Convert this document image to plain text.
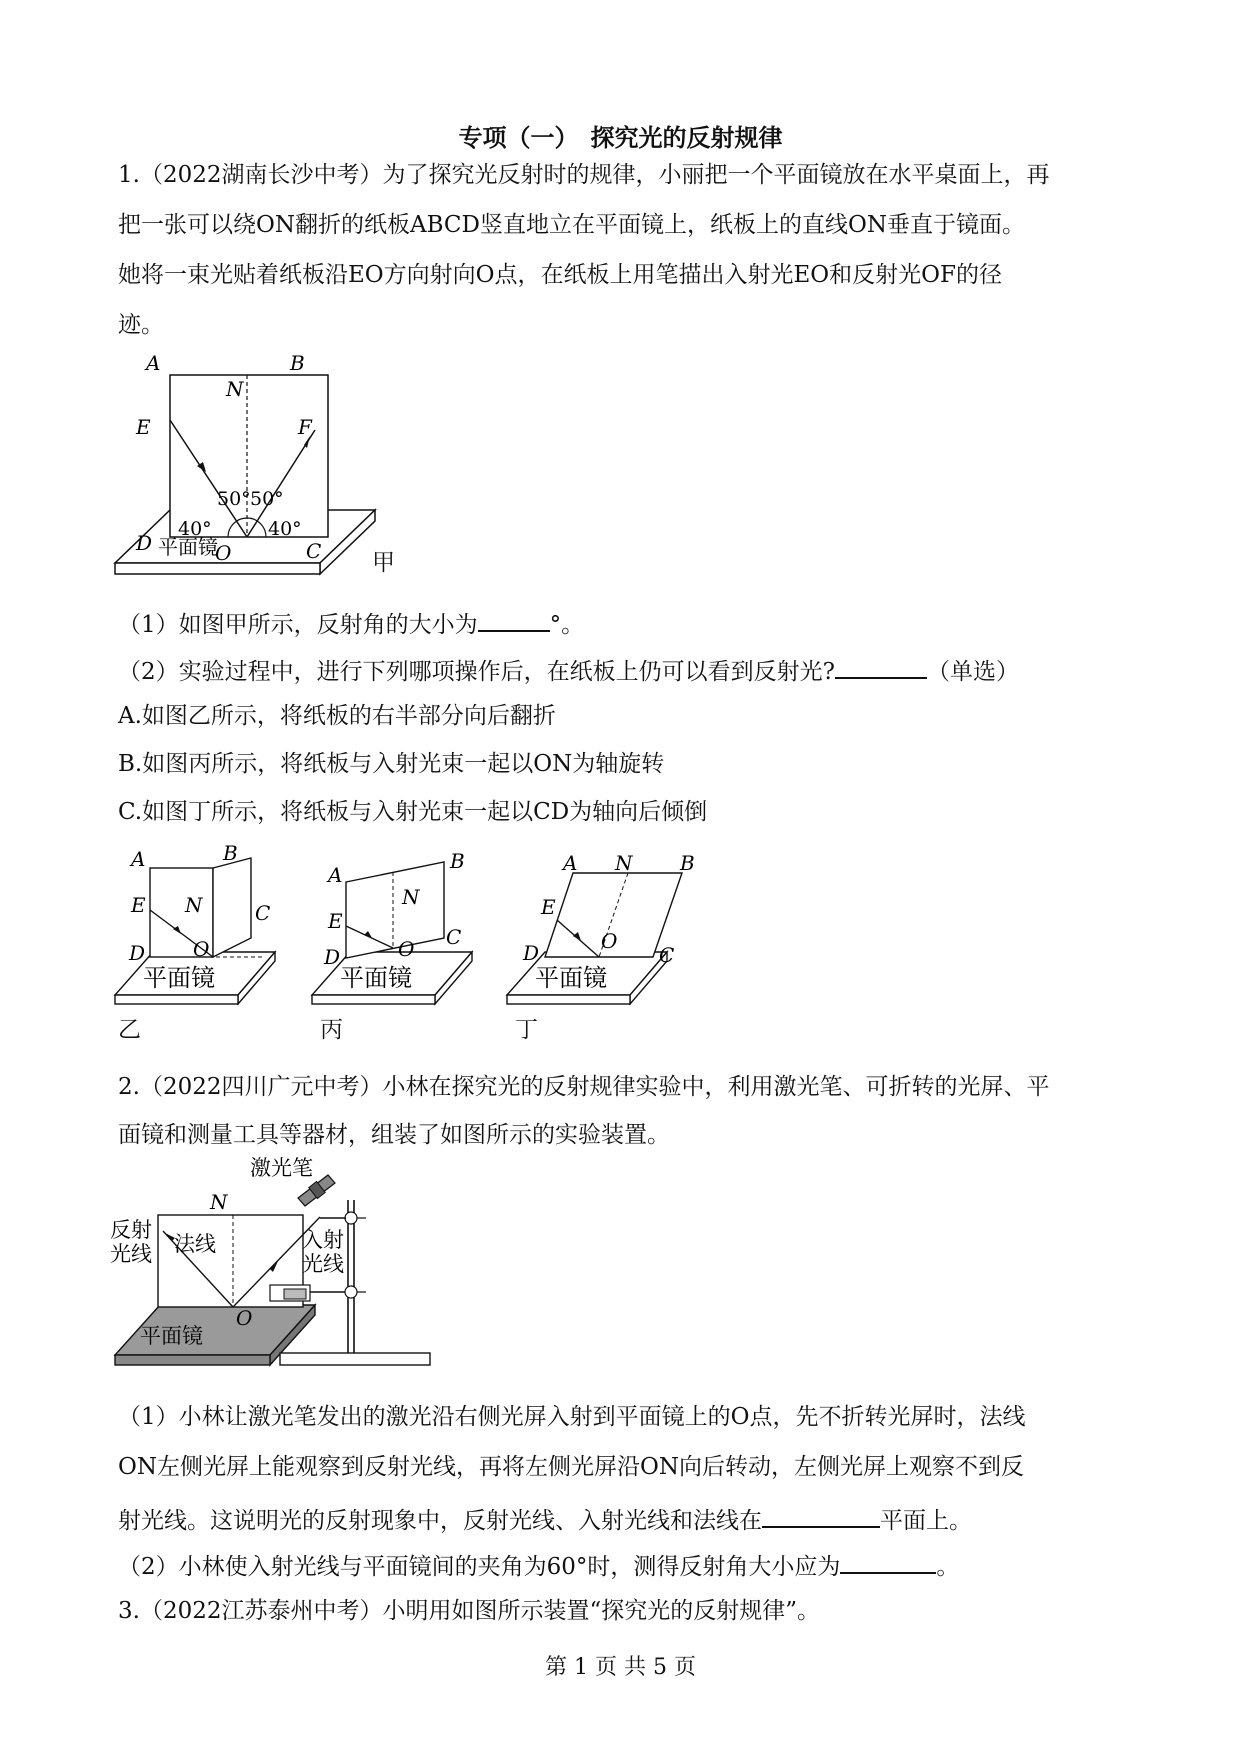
专项（一）　探究光的反射规律
1.（2022湖南长沙中考）为了探究光反射时的规律，小丽把一个平面镜放在水平桌面上，再
把一张可以绕ON翻折的纸板ABCD竖直地立在平面镜上，纸板上的直线ON垂直于镜面。
她将一束光贴着纸板沿EO方向射向O点，在纸板上用笔描出入射光EO和反射光OF的径
迹。
A	B
N
E	F
D	O	C
50° 50°
40°	40°
平面镜
甲
（1）如图甲所示，反射角的大小为	°。
（2）实验过程中，进行下列哪项操作后，在纸板上仍可以看到反射光?	（单选）
A.如图乙所示，将纸板的右半部分向后翻折
B.如图丙所示，将纸板与入射光束一起以ON为轴旋转
C.如图丁所示，将纸板与入射光束一起以CD为轴向后倾倒
A	B
N
E
O
C
D
平面镜
A
B
N
E
O C
D
平面镜
A N B
E
O
C
D
平面镜
乙	丙	丁
2.（2022四川广元中考）小林在探究光的反射规律实验中，利用激光笔、可折转的光屏、平
面镜和测量工具等器材，组装了如图所示的实验装置。
激光笔
反射
光线 法线	入射
光线
N
O
平面镜
（1）小林让激光笔发出的激光沿右侧光屏入射到平面镜上的O点，先不折转光屏时，法线
ON左侧光屏上能观察到反射光线，再将左侧光屏沿ON向后转动，左侧光屏上观察不到反
射光线。这说明光的反射现象中，反射光线、入射光线和法线在	平面上。
（2）小林使入射光线与平面镜间的夹角为60°时，测得反射角大小应为	。
3.（2022江苏泰州中考）小明用如图所示装置“探究光的反射规律”。
第 1 页 共 5 页
